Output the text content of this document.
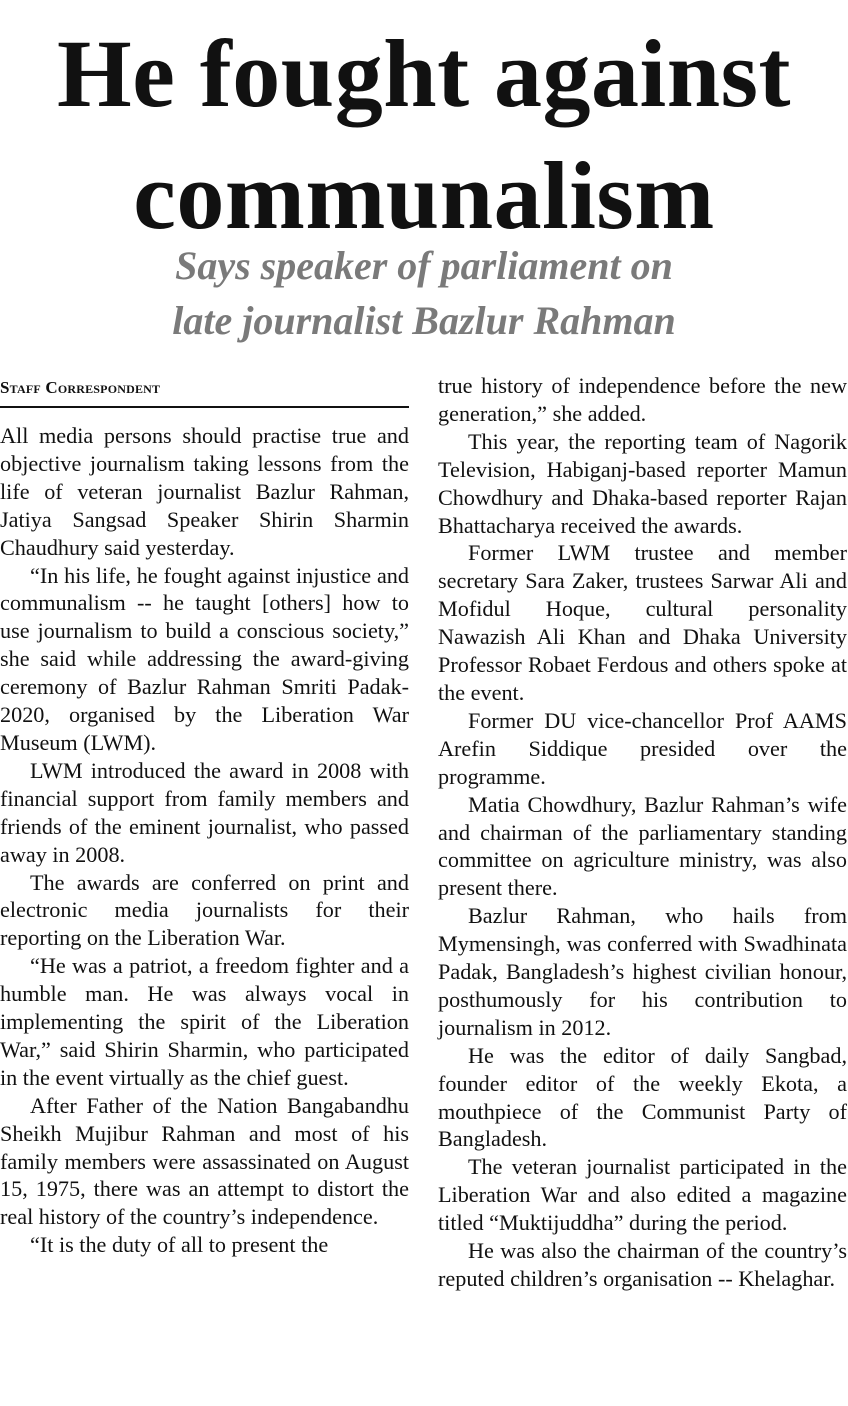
He fought against
communalism
Says speaker of parliament on
late journalist Bazlur Rahman
Staff Correspondent

All media persons should practise true and objective journalism taking lessons from the life of veteran journalist Bazlur Rahman, Jatiya Sangsad Speaker Shirin Sharmin Chaudhury said yesterday.

“In his life, he fought against injustice and communalism -- he taught [others] how to use journalism to build a conscious society,” she said while addressing the award-giving ceremony of Bazlur Rahman Smriti Padak-2020, organised by the Liberation War Museum (LWM).

LWM introduced the award in 2008 with financial support from family members and friends of the eminent journalist, who passed away in 2008.

The awards are conferred on print and electronic media journalists for their reporting on the Liberation War.

“He was a patriot, a freedom fighter and a humble man. He was always vocal in implementing the spirit of the Liberation War,” said Shirin Sharmin, who participated in the event virtually as the chief guest.

After Father of the Nation Bangabandhu Sheikh Mujibur Rahman and most of his family members were assassinated on August 15, 1975, there was an attempt to distort the real history of the country’s independence.

“It is the duty of all to present the

true history of independence before the new generation,” she added.

This year, the reporting team of Nagorik Television, Habiganj-based reporter Mamun Chowdhury and Dhaka-based reporter Rajan Bhattacharya received the awards.

Former LWM trustee and member secretary Sara Zaker, trustees Sarwar Ali and Mofidul Hoque, cultural personality Nawazish Ali Khan and Dhaka University Professor Robaet Ferdous and others spoke at the event.

Former DU vice-chancellor Prof AAMS Arefin Siddique presided over the programme.

Matia Chowdhury, Bazlur Rahman’s wife and chairman of the parliamentary standing committee on agriculture ministry, was also present there.

Bazlur Rahman, who hails from Mymensingh, was conferred with Swadhinata Padak, Bangladesh’s highest civilian honour, posthumously for his contribution to journalism in 2012.

He was the editor of daily Sangbad, founder editor of the weekly Ekota, a mouthpiece of the Communist Party of Bangladesh.

The veteran journalist participated in the Liberation War and also edited a magazine titled “Muktijuddha” during the period.

He was also the chairman of the country’s reputed children’s organisation -- Khelaghar.
